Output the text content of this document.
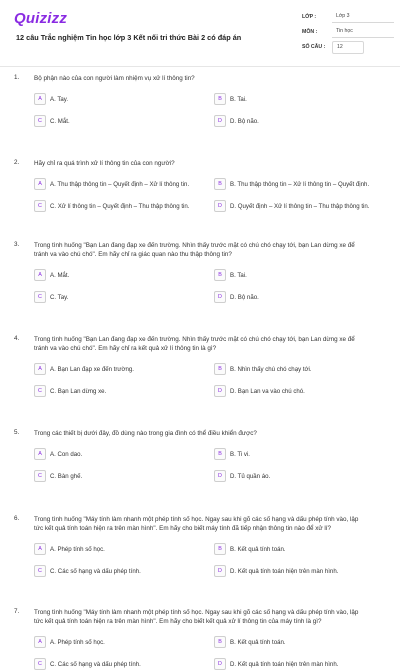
Quizizz
12 câu Trắc nghiệm Tin học lớp 3 Kết nối tri thức Bài 2 có đáp án
LỚP :	Lớp 3
MÔN :	Tin học
SỐ CÂU :	12
1. Bộ phận nào của con người làm nhiệm vụ xử lí thông tin?
A	A. Tay.	B	B. Tai.
C	C. Mắt.	D	D. Bộ não.
2. Hãy chỉ ra quá trình xử lí thông tin của con người?
A	A. Thu thập thông tin – Quyết định – Xử lí thông tin.	B	B. Thu thập thông tin – Xử lí thông tin – Quyết định.
C	C. Xử lí thông tin – Quyết định – Thu thập thông tin.	D	D. Quyết định – Xử lí thông tin – Thu thập thông tin.
3. Trong tình huống "Bạn Lan đang đạp xe đến trường. Nhìn thấy trước mặt có chú chó chạy tới, bạn Lan dừng xe để tránh va vào chú chó". Em hãy chỉ ra giác quan nào thu thập thông tin?
A	A. Mắt.	B	B. Tai.
C	C. Tay.	D	D. Bộ não.
4. Trong tình huống "Bạn Lan đang đạp xe đến trường. Nhìn thấy trước mặt có chú chó chạy tới, bạn Lan dừng xe để tránh va vào chú chó". Em hãy chỉ ra kết quả xử lí thông tin là gì?
A	A. Bạn Lan đạp xe đến trường.	B	B. Nhìn thấy chú chó chạy tới.
C	C. Bạn Lan dừng xe.	D	D. Bạn Lan va vào chú chó.
5. Trong các thiết bị dưới đây, đồ dùng nào trong gia đình có thể điều khiển được?
A	A. Con dao.	B	B. Ti vi.
C	C. Bàn ghế.	D	D. Tủ quần áo.
6. Trong tình huống "Máy tính làm nhanh một phép tính số học. Ngay sau khi gõ các số hạng và dấu phép tính vào, lập tức kết quả tính toán hiện ra trên màn hình". Em hãy cho biết máy tính đã tiếp nhận thông tin nào để xử lí?
A	A. Phép tính số học.	B	B. Kết quả tính toán.
C	C. Các số hạng và dấu phép tính.	D	D. Kết quả tính toán hiện trên màn hình.
7. Trong tình huống "Máy tính làm nhanh một phép tính số học. Ngay sau khi gõ các số hạng và dấu phép tính vào, lập tức kết quả tính toán hiện ra trên màn hình". Em hãy cho biết kết quả xử lí thông tin của máy tính là gì?
A	A. Phép tính số học.	B	B. Kết quả tính toán.
C	C. Các số hạng và dấu phép tính.	D	D. Kết quả tính toán hiện trên màn hình.
